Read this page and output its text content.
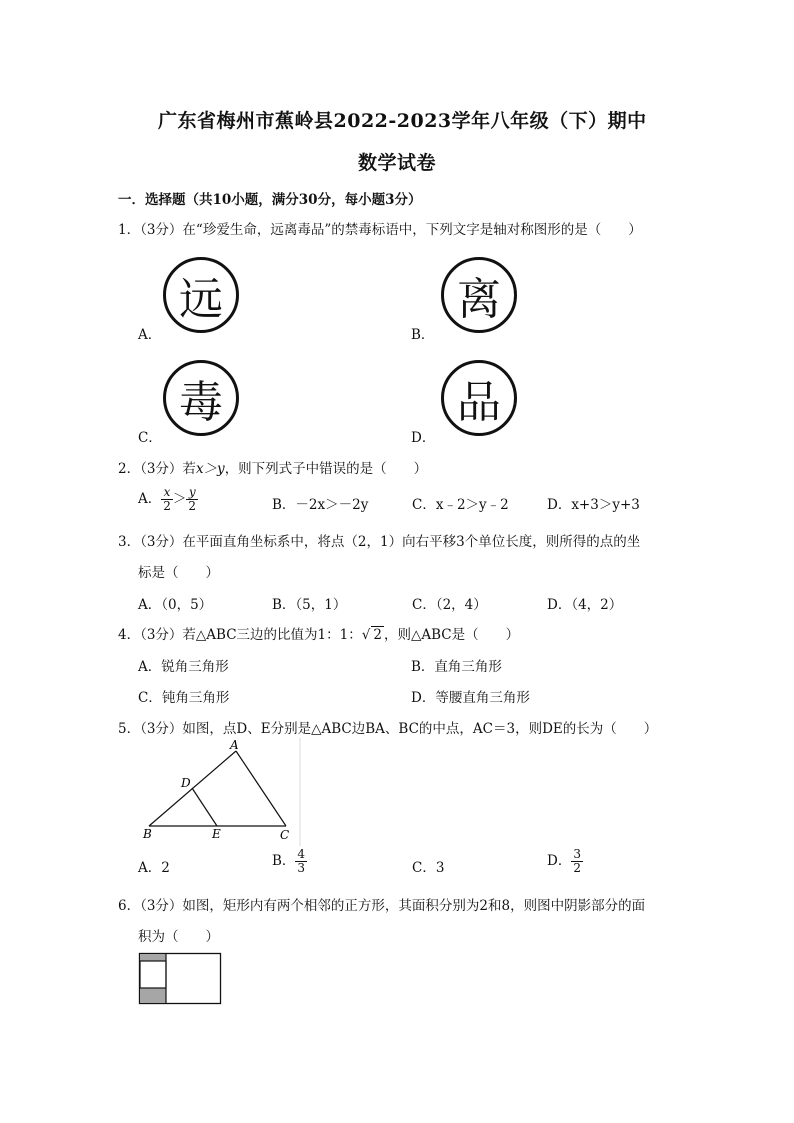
广东省梅州市蕉岭县2022-2023学年八年级（下）期中
数学试卷
一．选择题（共10小题，满分30分，每小题3分）
1．（3分）在“珍爱生命，远离毒品”的禁毒标语中，下列文字是轴对称图形的是（　　）
A．
远
B．
离
C．
毒
D．
品
2．（3分）若x＞y，则下列式子中错误的是（　　）
A． $\frac{x}{2} > \frac{y}{2}$	B．－2x＞－2y	C．x﹣2＞y﹣2	D．x+3＞y+3
3．（3分）在平面直角坐标系中，将点（2，1）向右平移3个单位长度，则所得的点的坐
标是（　　）
A．（0，5）	B．（5，1）	C．（2，4）	D．（4，2）
4．（3分）若△ABC三边的比值为1：1：√ 2 ，则△ABC是（　　）
A．锐角三角形	B．直角三角形
C．钝角三角形	D．等腰直角三角形
5．（3分）如图，点D、E分别是△ABC边BA、BC的中点，AC＝3，则DE的长为（　　）
A
D
B	E	C
A．2	B． $\frac{4}{3}$	C．3	D． $\frac{3}{2}$
6．（3分）如图，矩形内有两个相邻的正方形，其面积分别为2和8，则图中阴影部分的面
积为（　　）
